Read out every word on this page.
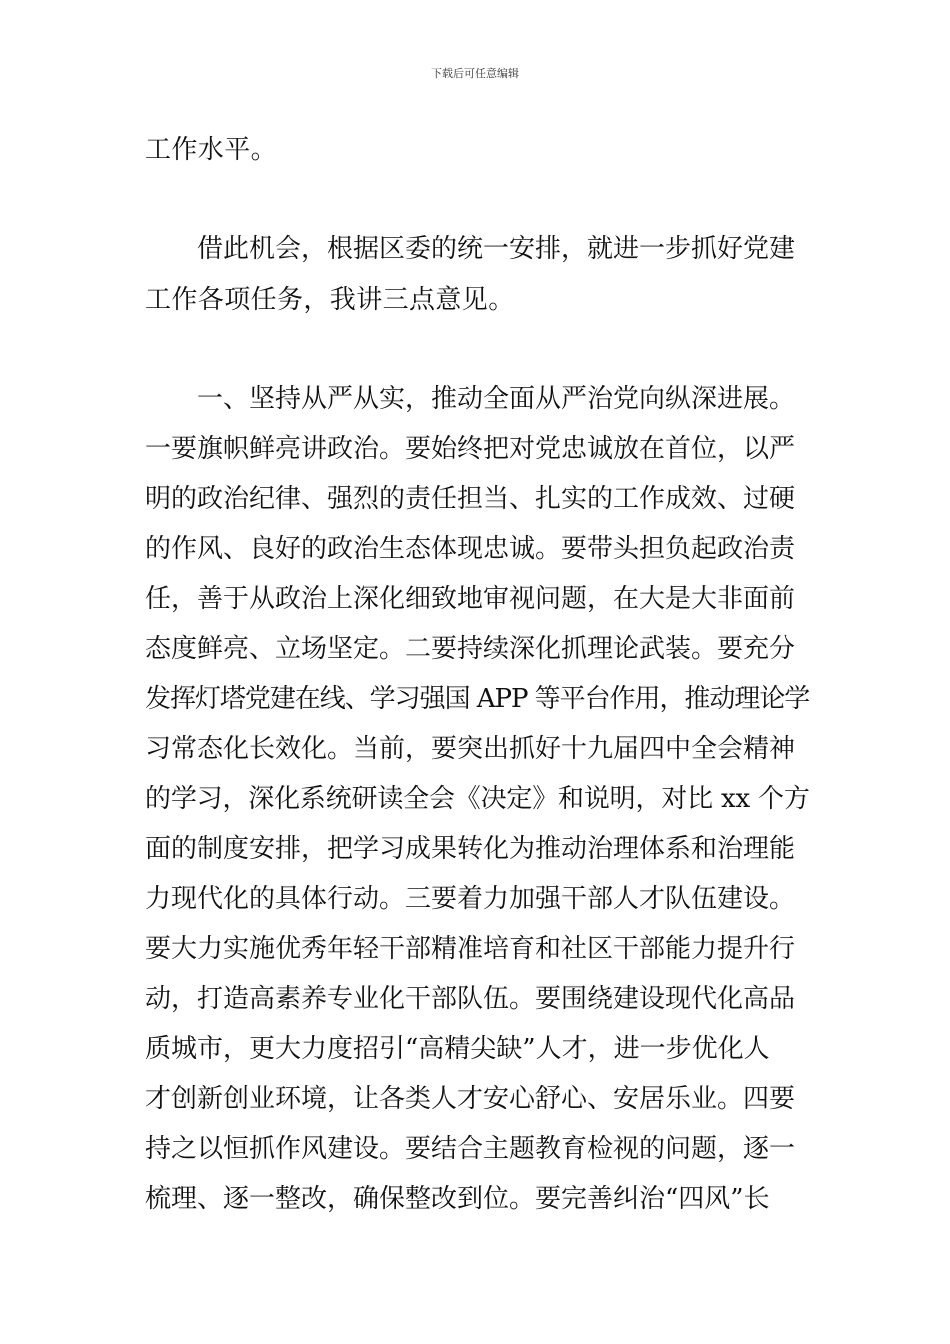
下载后可任意编辑
工作水平。
借此机会，根据区委的统一安排，就进一步抓好党建
工作各项任务，我讲三点意见。
一、坚持从严从实，推动全面从严治党向纵深进展。
一要旗帜鲜亮讲政治。要始终把对党忠诚放在首位，以严
明的政治纪律、强烈的责任担当、扎实的工作成效、过硬
的作风、良好的政治生态体现忠诚。要带头担负起政治责
任，善于从政治上深化细致地审视问题，在大是大非面前
态度鲜亮、立场坚定。二要持续深化抓理论武装。要充分
发挥灯塔党建在线、学习强国 APP 等平台作用，推动理论学
习常态化长效化。当前，要突出抓好十九届四中全会精神
的学习，深化系统研读全会《决定》和说明，对比 xx 个方
面的制度安排，把学习成果转化为推动治理体系和治理能
力现代化的具体行动。三要着力加强干部人才队伍建设。
要大力实施优秀年轻干部精准培育和社区干部能力提升行
动，打造高素养专业化干部队伍。要围绕建设现代化高品
质城市，更大力度招引“高精尖缺”人才，进一步优化人
才创新创业环境，让各类人才安心舒心、安居乐业。四要
持之以恒抓作风建设。要结合主题教育检视的问题，逐一
梳理、逐一整改，确保整改到位。要完善纠治“四风”长
